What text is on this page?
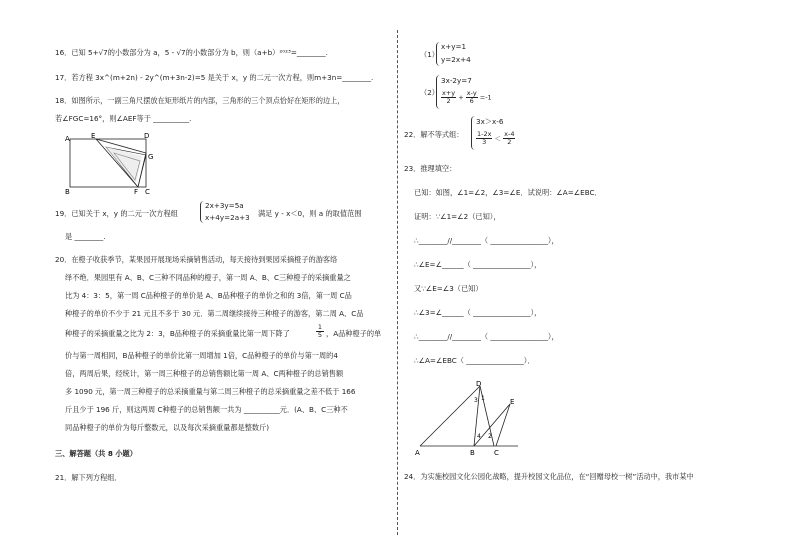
16．已知 5+√7的小数部分为 a，5 - √7的小数部分为 b，则（a+b）²⁰²³=________.
17．若方程 3x^(m+2n) - 2y^(m+3n-2)=5 是关于 x，y 的二元一次方程，则m+3n=________.
18．如图所示，一副三角尺摆放在矩形纸片的内部，三角形的三个顶点恰好在矩形的边上，
若∠FGC=16°，则∠AEF等于 __________.
A	E	D
G
B	F C
19．已知关于 x，y 的二元一次方程组
2x+3y=5a
x+4y=2a+3 满足 y - x＜0，则 a 的取值范围
是 ________.
20．在橙子收获季节，某果园开展现场采摘销售活动，每天接待到果园采摘橙子的游客络
绎不绝．果园里有 A、B、C三种不同品种的橙子，第一周 A、B、C三种橙子的采摘重量之
比为 4：3：5，第一周 C品种橙子的单价是 A、B品种橙子的单价之和的 3倍，第一周 C品
种橙子的单价不少于 21 元且不多于 30 元．第二周继续接待三种橙子的游客，第二周 A、C品
种橙子的采摘重量之比为 2：3，B品种橙子的采摘重量比第一周下降了	$\frac{1}{5}$ ，A品种橙子的单
价与第一周相同，B品种橙子的单价比第一周增加 1倍，C品种橙子的单价与第一周的4
倍，两周后果，经统计，第一周三种橙子的总销售额比第一周 A、C两种橙子的总销售额
多 1090 元，第一周三种橙子的总采摘重量与第二周三种橙子的总采摘重量之差不低于 166
斤且少于 196 斤，则这两周 C种橙子的总销售额一共为 __________元．(A、B、C三种不
同品种橙子的单价为每斤整数元，以及每次采摘重量都是整数斤)
三、解答题（共 8 小题）
21．解下列方程组．
（1）
x+y=1
y=2x+4
（2）
3x-2y=7
$\frac{x+y}{2} + \frac{x-y}{6} =-1$
22．解不等式组：
3x＞x-6
$\frac{1-2x}{3} < \frac{x-4}{2}$
23．推理填空：
已知：如图，∠1=∠2，∠3=∠E．试说明：∠A=∠EBC．
证明：∵∠1=∠2（已知），
∴________//________（ ________________），
∴∠E=∠______（ ________________），
又∵∠E=∠3（已知）
∴∠3=∠______（ ________________），
∴________//________（ ________________），
∴∠A=∠EBC（ ________________）．
D
E
A	B	C
1
3
4 2
24．为实施校园文化公园化战略，提升校园文化品位，在“回赠母校一树”活动中，我市某中
